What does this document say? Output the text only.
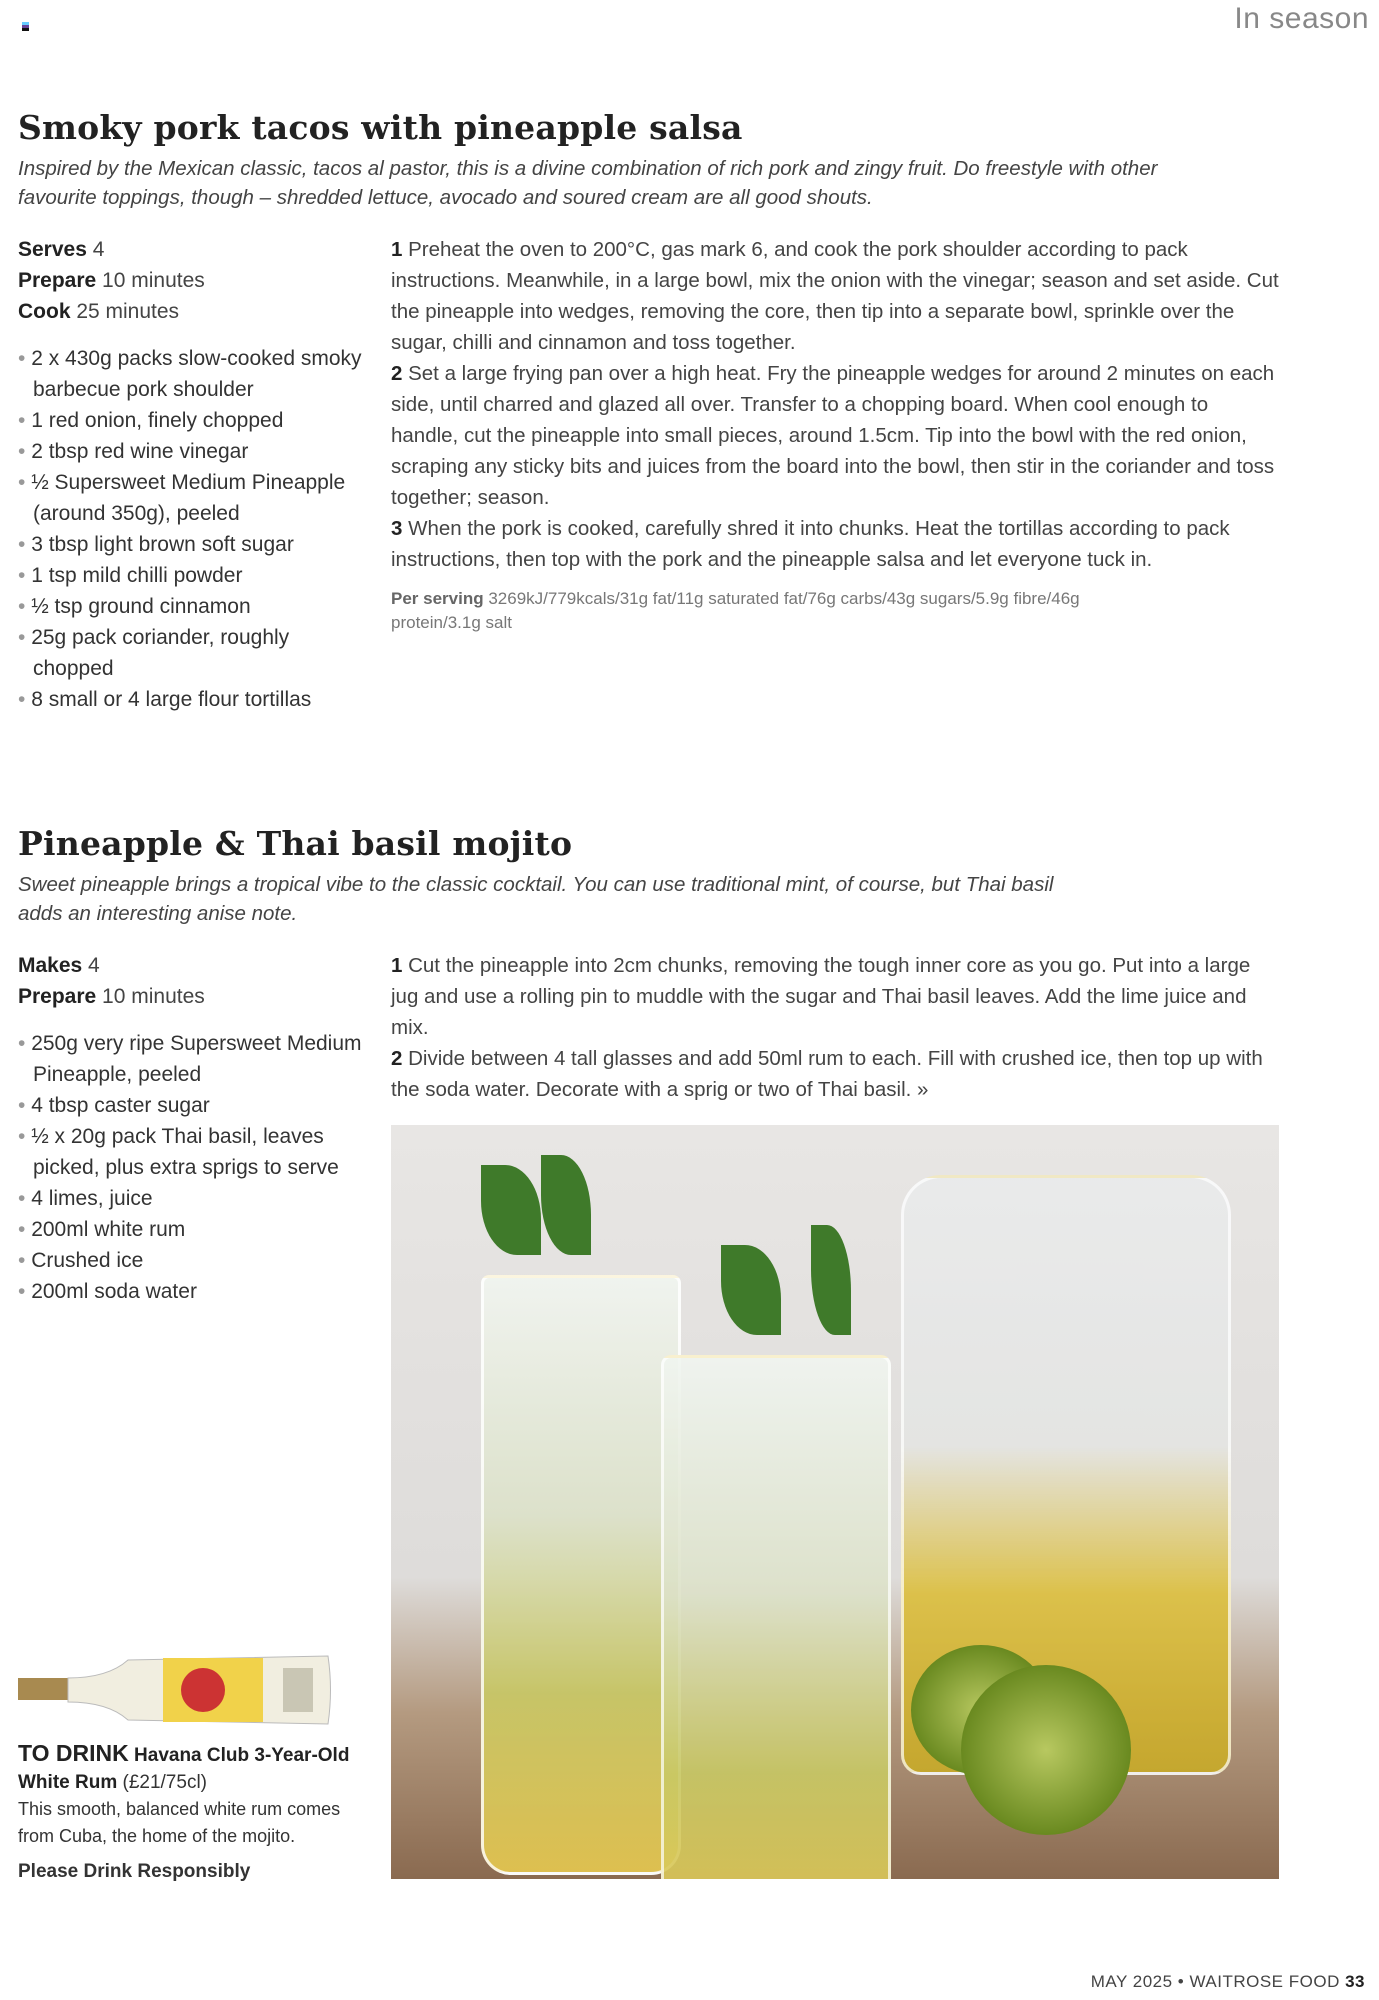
In season
Smoky pork tacos with pineapple salsa

Inspired by the Mexican classic, tacos al pastor, this is a divine combination of rich pork and zingy fruit. Do freestyle with other favourite toppings, though – shredded lettuce, avocado and soured cream are all good shouts.

Serves 4
Prepare 10 minutes
Cook 25 minutes
• 2 x 430g packs slow-cooked smoky barbecue pork shoulder
• 1 red onion, finely chopped
• 2 tbsp red wine vinegar
• ½ Supersweet Medium Pineapple (around 350g), peeled
• 3 tbsp light brown soft sugar
• 1 tsp mild chilli powder
• ½ tsp ground cinnamon
• 25g pack coriander, roughly chopped
• 8 small or 4 large flour tortillas

1 Preheat the oven to 200°C, gas mark 6, and cook the pork shoulder according to pack instructions. Meanwhile, in a large bowl, mix the onion with the vinegar; season and set aside. Cut the pineapple into wedges, removing the core, then tip into a separate bowl, sprinkle over the sugar, chilli and cinnamon and toss together.

2 Set a large frying pan over a high heat. Fry the pineapple wedges for around 2 minutes on each side, until charred and glazed all over. Transfer to a chopping board. When cool enough to handle, cut the pineapple into small pieces, around 1.5cm. Tip into the bowl with the red onion, scraping any sticky bits and juices from the board into the bowl, then stir in the coriander and toss together; season.

3 When the pork is cooked, carefully shred it into chunks. Heat the tortillas according to pack instructions, then top with the pork and the pineapple salsa and let everyone tuck in.

Per serving 3269kJ/779kcals/31g fat/11g saturated fat/76g carbs/43g sugars/5.9g fibre/46g protein/3.1g salt

Pineapple & Thai basil mojito

Sweet pineapple brings a tropical vibe to the classic cocktail. You can use traditional mint, of course, but Thai basil adds an interesting anise note.

Makes 4
Prepare 10 minutes
• 250g very ripe Supersweet Medium Pineapple, peeled
• 4 tbsp caster sugar
• ½ x 20g pack Thai basil, leaves picked, plus extra sprigs to serve
• 4 limes, juice
• 200ml white rum
• Crushed ice
• 200ml soda water

1 Cut the pineapple into 2cm chunks, removing the tough inner core as you go. Put into a large jug and use a rolling pin to muddle with the sugar and Thai basil leaves. Add the lime juice and mix.

2 Divide between 4 tall glasses and add 50ml rum to each. Fill with crushed ice, then top up with the soda water. Decorate with a sprig or two of Thai basil. »

TO DRINK Havana Club 3-Year-Old White Rum (£21/75cl)

This smooth, balanced white rum comes from Cuba, the home of the mojito.

Please Drink Responsibly

MAY 2025 • WAITROSE FOOD 33
